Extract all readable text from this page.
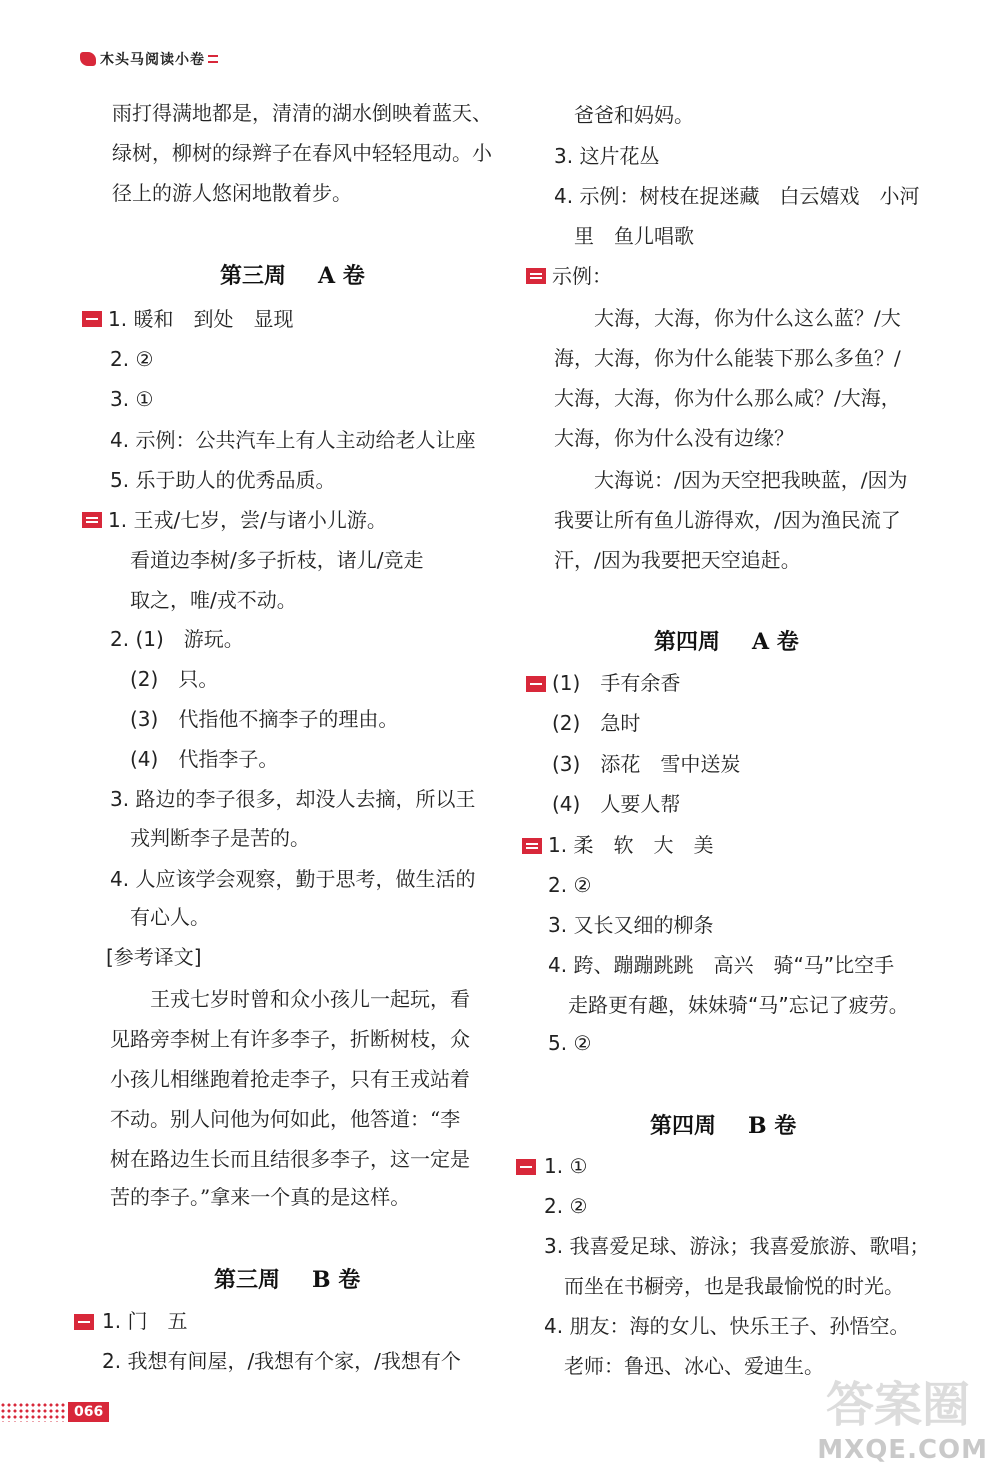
木头马阅读小卷
雨打得满地都是，清清的湖水倒映着蓝天、
绿树，柳树的绿辫子在春风中轻轻甩动。小
径上的游人悠闲地散着步。
第三周 A 卷
1. 暖和　到处　显现
2. ②
3. ①
4. 示例：公共汽车上有人主动给老人让座
5. 乐于助人的优秀品质。
1. 王戎/七岁，尝/与诸小儿游。
看道边李树/多子折枝，诸儿/竞走
取之，唯/戎不动。
2. (1)　游玩。
(2)　只。
(3)　代指他不摘李子的理由。
(4)　代指李子。
3. 路边的李子很多，却没人去摘，所以王
戎判断李子是苦的。
4. 人应该学会观察，勤于思考，做生活的
有心人。
[参考译文]
王戎七岁时曾和众小孩儿一起玩，看
见路旁李树上有许多李子，折断树枝，众
小孩儿相继跑着抢走李子，只有王戎站着
不动。别人问他为何如此，他答道：“李
树在路边生长而且结很多李子，这一定是
苦的李子。”拿来一个真的是这样。
第三周 B 卷
1. 门　五
2. 我想有间屋，/我想有个家，/我想有个
爸爸和妈妈。
3. 这片花丛
4. 示例：树枝在捉迷藏　白云嬉戏　小河
里　鱼儿唱歌
示例：
大海，大海，你为什么这么蓝？/大
海，大海，你为什么能装下那么多鱼？/
大海，大海，你为什么那么咸？/大海，
大海，你为什么没有边缘？
大海说：/因为天空把我映蓝，/因为
我要让所有鱼儿游得欢，/因为渔民流了
汗，/因为我要把天空追赶。
第四周 A 卷
(1)　手有余香
(2)　急时
(3)　添花　雪中送炭
(4)　人要人帮
1. 柔　软　大　美
2. ②
3. 又长又细的柳条
4. 跨、蹦蹦跳跳　高兴　骑“马”比空手
走路更有趣，妹妹骑“马”忘记了疲劳。
5. ②
第四周 B 卷
1. ①
2. ②
3. 我喜爱足球、游泳；我喜爱旅游、歌唱；
而坐在书橱旁，也是我最愉悦的时光。
4. 朋友：海的女儿、快乐王子、孙悟空。
老师：鲁迅、冰心、爱迪生。
066	答案圈
MXQE.COM
